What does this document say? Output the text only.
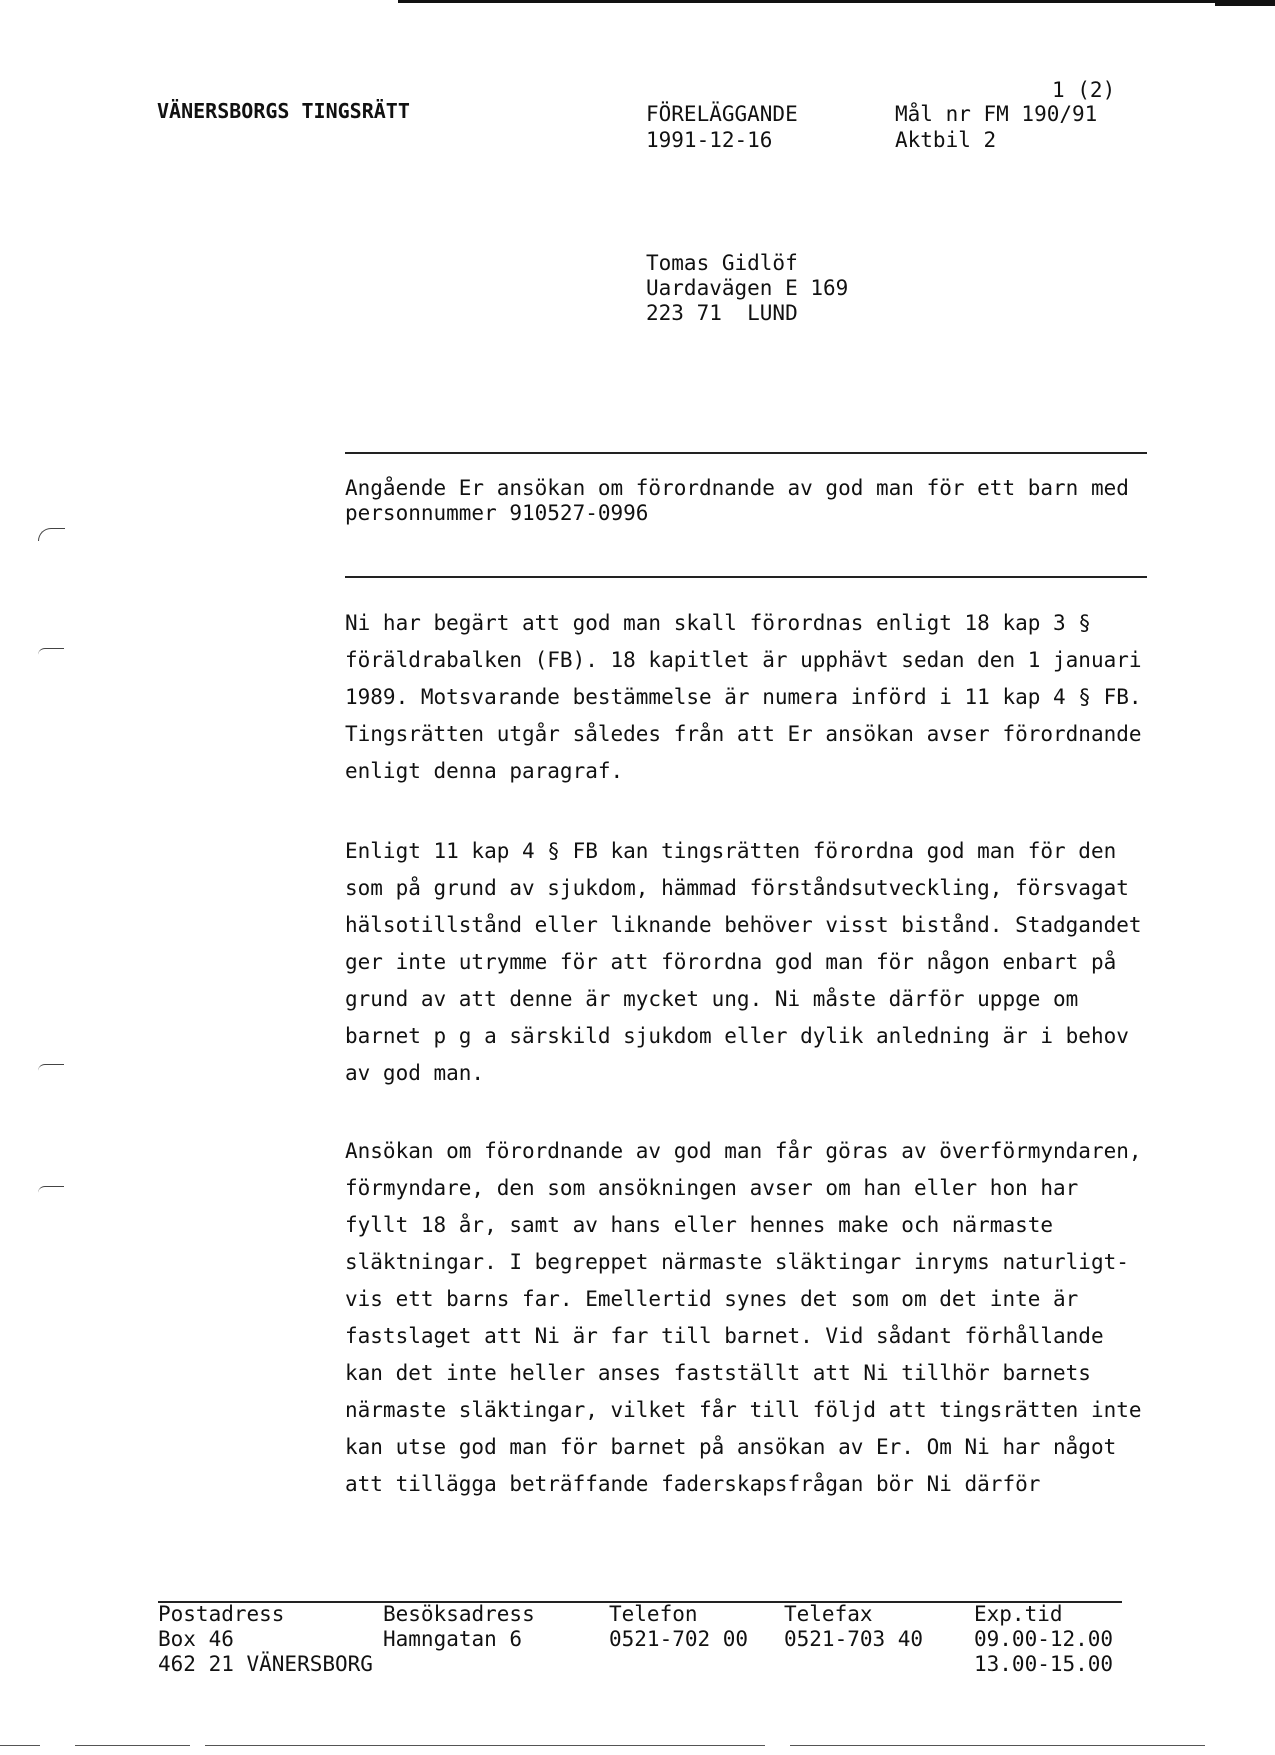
VÄNERSBORGS TINGSRÄTT
1 (2)
FÖRELÄGGANDE
1991-12-16
Mål nr FM 190/91
Aktbil 2
Tomas Gidlöf
Uardavägen E 169
223 71  LUND
Angående Er ansökan om förordnande av god man för ett barn med
personnummer 910527-0996

Ni har begärt att god man skall förordnas enligt 18 kap 3 §
föräldrabalken (FB). 18 kapitlet är upphävt sedan den 1 januari
1989. Motsvarande bestämmelse är numera införd i 11 kap 4 § FB.
Tingsrätten utgår således från att Er ansökan avser förordnande
enligt denna paragraf.

Enligt 11 kap 4 § FB kan tingsrätten förordna god man för den
som på grund av sjukdom, hämmad förståndsutveckling, försvagat
hälsotillstånd eller liknande behöver visst bistånd. Stadgandet
ger inte utrymme för att förordna god man för någon enbart på
grund av att denne är mycket ung. Ni måste därför uppge om
barnet p g a särskild sjukdom eller dylik anledning är i behov
av god man.

Ansökan om förordnande av god man får göras av överförmyndaren,
förmyndare, den som ansökningen avser om han eller hon har
fyllt 18 år, samt av hans eller hennes make och närmaste
släktningar. I begreppet närmaste släktingar inryms naturligt-
vis ett barns far. Emellertid synes det som om det inte är
fastslaget att Ni är far till barnet. Vid sådant förhållande
kan det inte heller anses fastställt att Ni tillhör barnets
närmaste släktingar, vilket får till följd att tingsrätten inte
kan utse god man för barnet på ansökan av Er. Om Ni har något
att tillägga beträffande faderskapsfrågan bör Ni därför

Postadress
Box 46
462 21 VÄNERSBORG
Besöksadress
Hamngatan 6
Telefon
0521-702 00
Telefax
0521-703 40
Exp.tid
09.00-12.00
13.00-15.00
